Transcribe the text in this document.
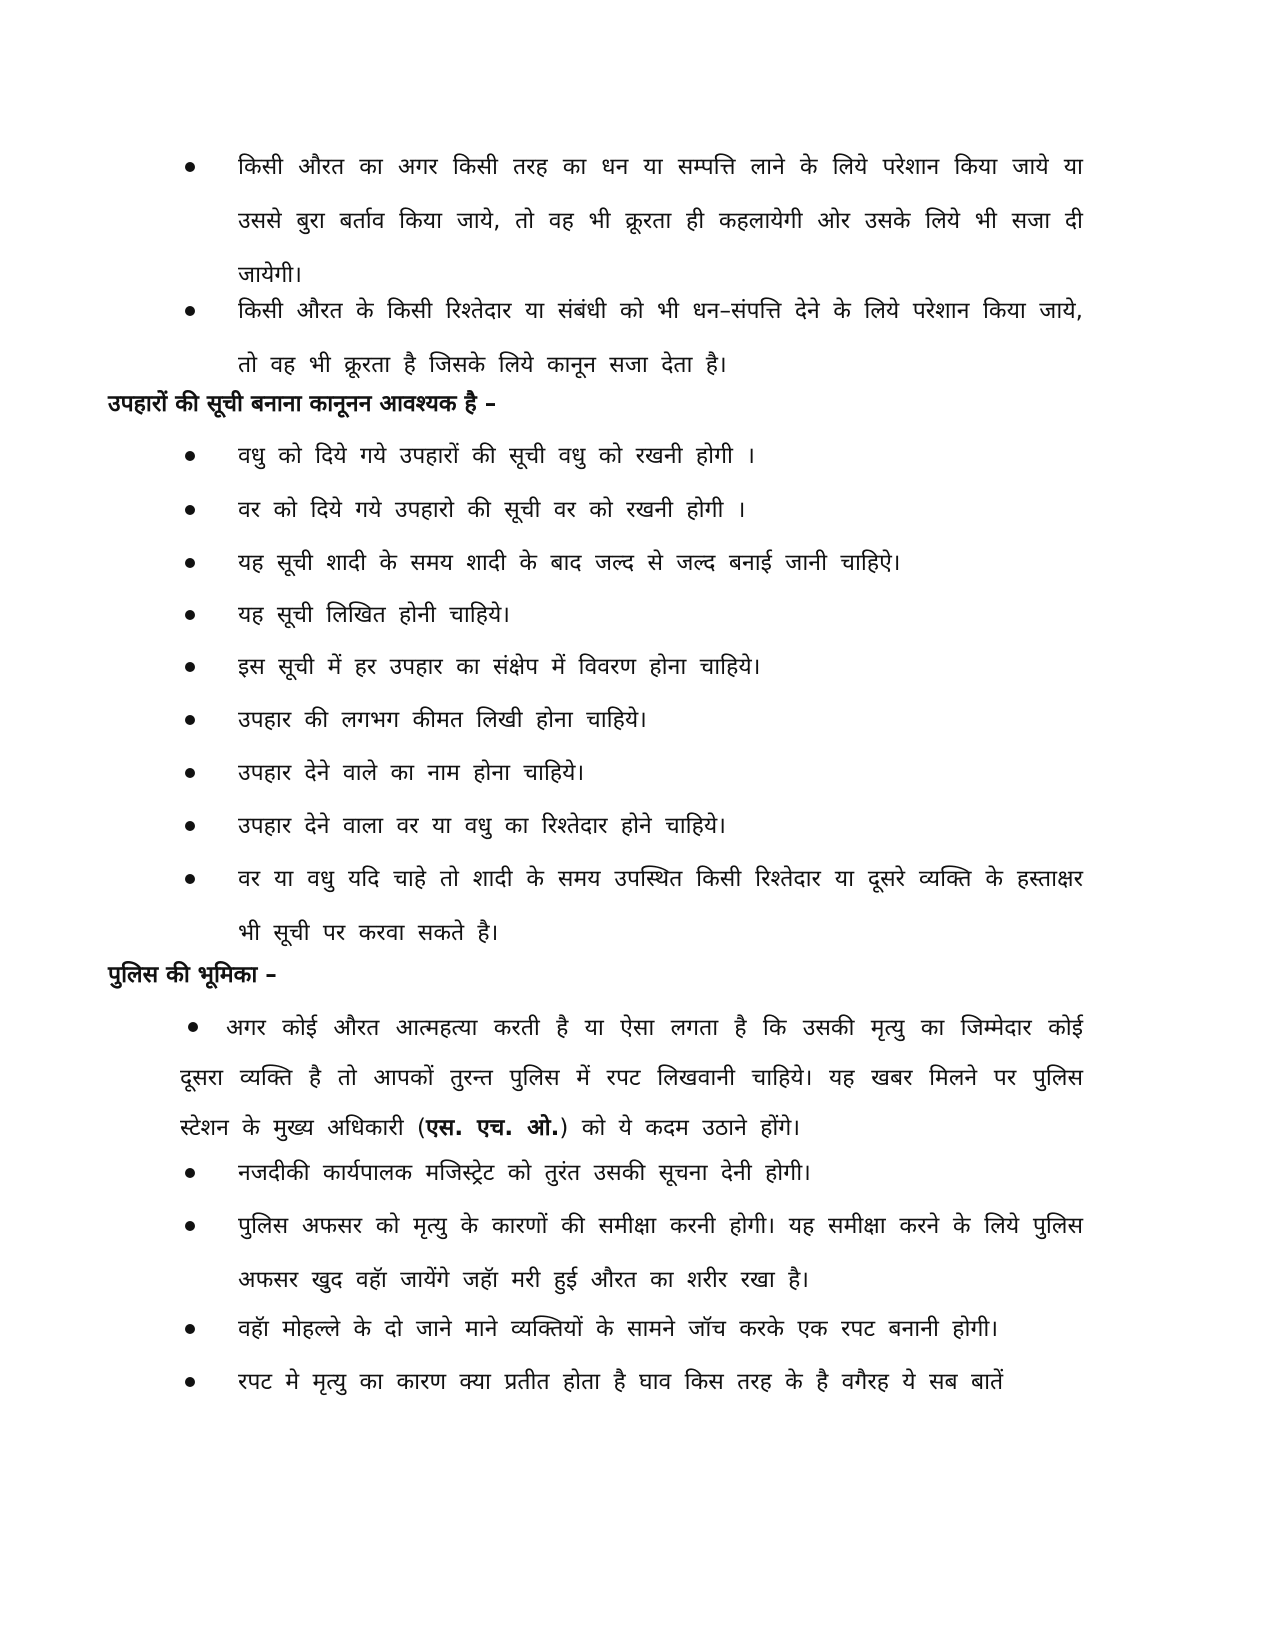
किसी औरत का अगर किसी तरह का धन या सम्पत्ति लाने के लिये परेशान किया जाये या उससे बुरा बर्ताव किया जाये, तो वह भी क्रूरता ही कहलायेगी ओर उसके लिये भी सजा दी जायेगी।
किसी औरत के किसी रिश्तेदार या संबंधी को भी धन–संपत्ति देने के लिये परेशान किया जाये, तो वह भी क्रूरता है जिसके लिये कानून सजा देता है।
उपहारों की सूची बनाना कानूनन आवश्यक है –
वधु को दिये गये उपहारों की सूची वधु को रखनी होगी ।
वर को दिये गये उपहारो की सूची वर को रखनी होगी ।
यह सूची शादी के समय शादी के बाद जल्द से जल्द बनाई जानी चाहिऐ।
यह सूची लिखित होनी चाहिये।
इस सूची में हर उपहार का संक्षेप में विवरण होना चाहिये।
उपहार की लगभग कीमत लिखी होना चाहिये।
उपहार देने वाले का नाम होना चाहिये।
उपहार देने वाला वर या वधु का रिश्तेदार होने चाहिये।
वर या वधु यदि चाहे तो शादी के समय उपस्थित किसी रिश्तेदार या दूसरे व्यक्ति के हस्ताक्षर भी सूची पर करवा सकते है।
पुलिस की भूमिका –
अगर कोई औरत आत्महत्या करती है या ऐसा लगता है कि उसकी मृत्यु का जिम्मेदार कोई दूसरा व्यक्ति है तो आपकों तुरन्त पुलिस में रपट लिखवानी चाहिये। यह खबर मिलने पर पुलिस स्टेशन के मुख्य अधिकारी (एस. एच. ओ.) को ये कदम उठाने होंगे।
नजदीकी कार्यपालक मजिस्ट्रेट को तुरंत उसकी सूचना देनी होगी।
पुलिस अफसर को मृत्यु के कारणों की समीक्षा करनी होगी। यह समीक्षा करने के लिये पुलिस अफसर खुद वहॅा जायेंगे जहॅा मरी हुई औरत का शरीर रखा है।
वहॅा मोहल्ले के दो जाने माने व्यक्तियों के सामने जॉच करके एक रपट बनानी होगी।
रपट मे मृत्यु का कारण क्या प्रतीत होता है घाव किस तरह के है वगैरह ये सब बातें
